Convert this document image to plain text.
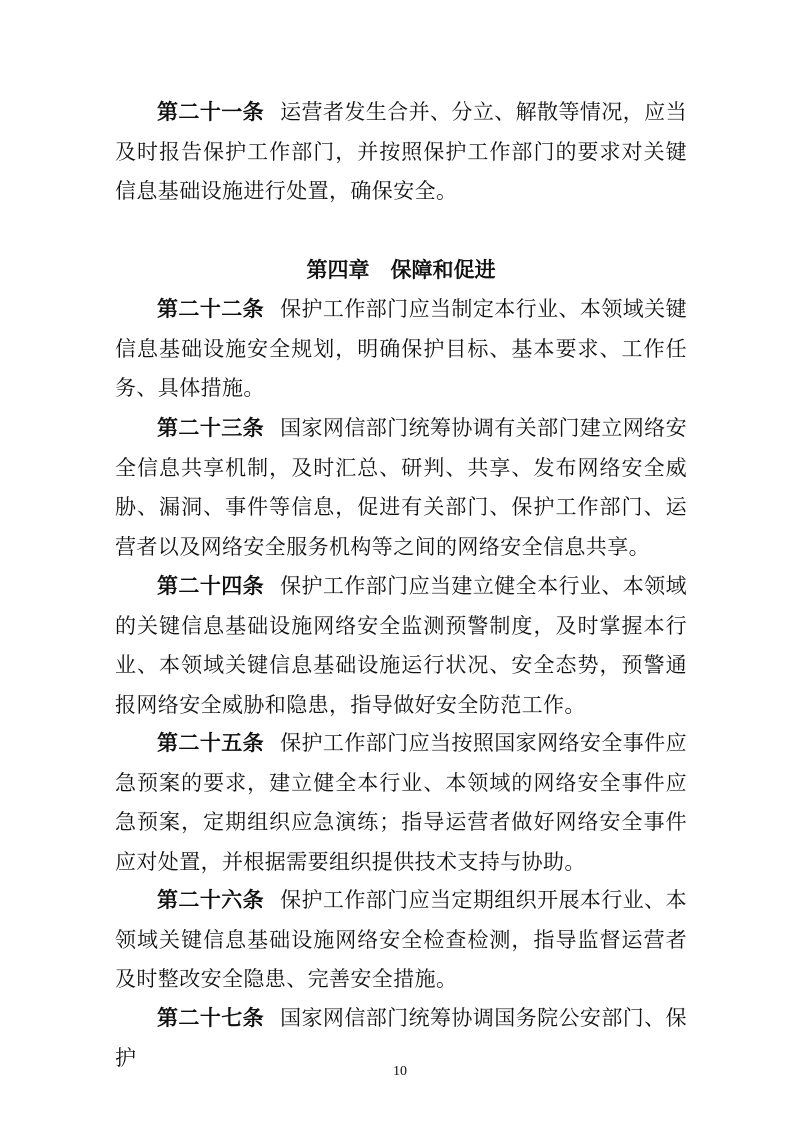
第二十一条 运营者发生合并、分立、解散等情况，应当及时报告保护工作部门，并按照保护工作部门的要求对关键信息基础设施进行处置，确保安全。

第四章 保障和促进

第二十二条 保护工作部门应当制定本行业、本领域关键信息基础设施安全规划，明确保护目标、基本要求、工作任务、具体措施。

第二十三条 国家网信部门统筹协调有关部门建立网络安全信息共享机制，及时汇总、研判、共享、发布网络安全威胁、漏洞、事件等信息，促进有关部门、保护工作部门、运营者以及网络安全服务机构等之间的网络安全信息共享。

第二十四条 保护工作部门应当建立健全本行业、本领域的关键信息基础设施网络安全监测预警制度，及时掌握本行业、本领域关键信息基础设施运行状况、安全态势，预警通报网络安全威胁和隐患，指导做好安全防范工作。

第二十五条 保护工作部门应当按照国家网络安全事件应急预案的要求，建立健全本行业、本领域的网络安全事件应急预案，定期组织应急演练；指导运营者做好网络安全事件应对处置，并根据需要组织提供技术支持与协助。

第二十六条 保护工作部门应当定期组织开展本行业、本领域关键信息基础设施网络安全检查检测，指导监督运营者及时整改安全隐患、完善安全措施。

第二十七条 国家网信部门统筹协调国务院公安部门、保护

10
